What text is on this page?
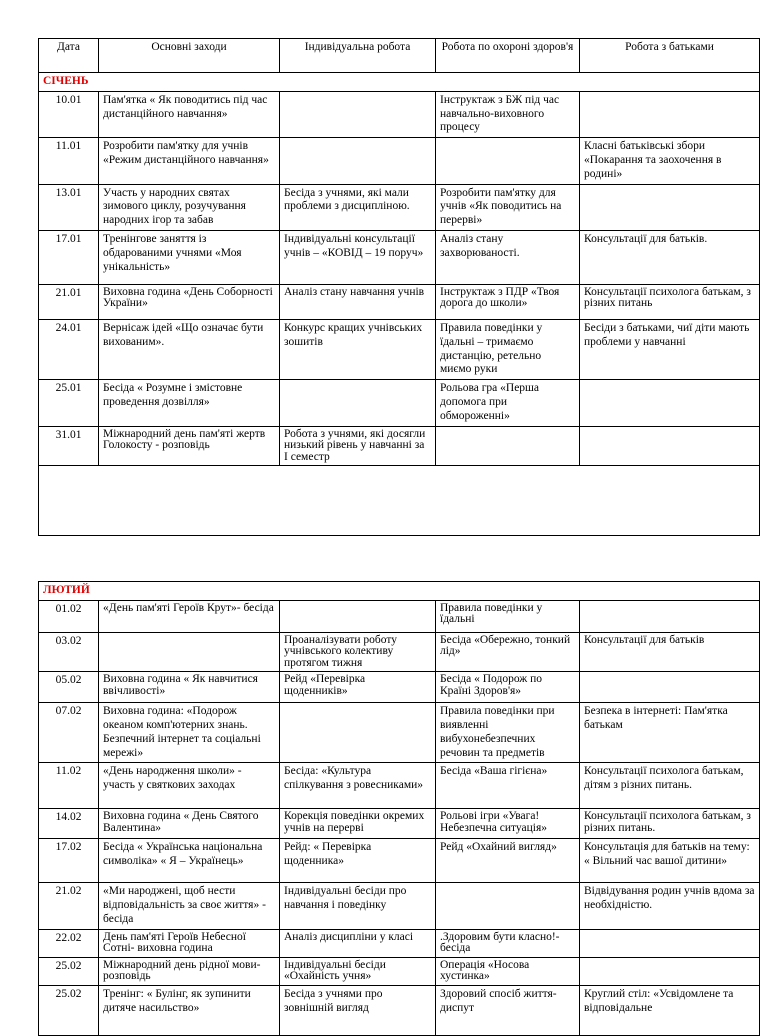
Дата	Основні заходи	Індивідуальна робота	Робота по охороні здоров'я	Робота з батьками
СІЧЕНЬ				
10.01	Пам'ятка « Як поводитись під час дистанційного навчання»		Інструктаж з БЖ під час навчально-виховного процесу	
11.01	Розробити пам'ятку для учнів «Режим дистанційного навчання»			Класні батьківські збори «Покарання та заохочення в родині»
13.01	Участь у народних святах зимового циклу, розучування народних ігор та забав	Бесіда з учнями, які мали проблеми з дисципліною.	Розробити пам'ятку для учнів «Як поводитись на перерві»	
17.01	Тренінгове заняття із обдарованими учнями «Моя унікальність»	Індивідуальні консультації учнів – «КОВІД – 19 поруч»	Аналіз стану захворюваності.	Консультації для батьків.
21.01	Виховна година «День Соборності України»	Аналіз стану навчання учнів	Інструктаж з ПДР «Твоя дорога до школи»	Консультації психолога батькам, з різних питань
24.01	Вернісаж ідей «Що означає бути вихованим».	Конкурс кращих учнівських зошитів	Правила поведінки у їдальні – тримаємо дистанцію, ретельно миємо руки	Бесіди з батьками, чиї діти мають проблеми у навчанні
25.01	Бесіда « Розумне і змістовне проведення дозвілля»		Рольова гра «Перша допомога при обмороженні»	
31.01	Міжнародний день пам'яті жертв Голокосту - розповідь	Робота з учнями, які досягли низький рівень у навчанні за І семестр		

ЛЮТИЙ				
01.02	«День пам'яті Героїв Крут»- бесіда		Правила поведінки у їдальні	
03.02		Проаналізувати роботу учнівського колективу протягом тижня	Бесіда «Обережно, тонкий лід»	Консультації для батьків
05.02	Виховна година « Як навчитися ввічливості»	Рейд «Перевірка щоденників»	Бесіда « Подорож по Країні Здоров'я»	
07.02	Виховна година: «Подорож океаном комп'ютерних знань. Безпечний інтернет та соціальні мережі»		Правила поведінки при виявленні вибухонебезпечних речовин та предметів	Безпека в інтернеті: Пам'ятка батькам
11.02	«День народження школи» - участь у святкових заходах	Бесіда: «Культура спілкування з ровесниками»	Бесіда «Ваша гігієна»	Консультації психолога батькам, дітям з різних питань.
14.02	Виховна година « День Святого Валентина»	Корекція поведінки окремих учнів на перерві	Рольові ігри «Увага! Небезпечна ситуація»	Консультації психолога батькам, з різних питань.
17.02	Бесіда « Українська національна символіка» « Я – Українець»	Рейд: « Перевірка щоденника»	Рейд «Охайний вигляд»	Консультація для батьків на тему: « Вільний час вашої дитини»
21.02	«Ми народжені, щоб нести відповідальність за своє життя» - бесіда	Індивідуальні бесіди про навчання і поведінку		Відвідування родин учнів вдома за необхідністю.
22.02	День пам'яті Героїв Небесної Сотні- виховна година	Аналіз дисципліни у класі	.Здоровим бути класно!- бесіда	
25.02	Міжнародний день рідної мови- розповідь	Індивідуальні бесіди «Охайність учня»	Операція «Носова хустинка»	
25.02	Тренінг: « Булінг, як зупинити дитяче насильство»	Бесіда з учнями про зовнішній вигляд	Здоровий спосіб життя- диспут	Круглий стіл: «Усвідомлене та відповідальне
